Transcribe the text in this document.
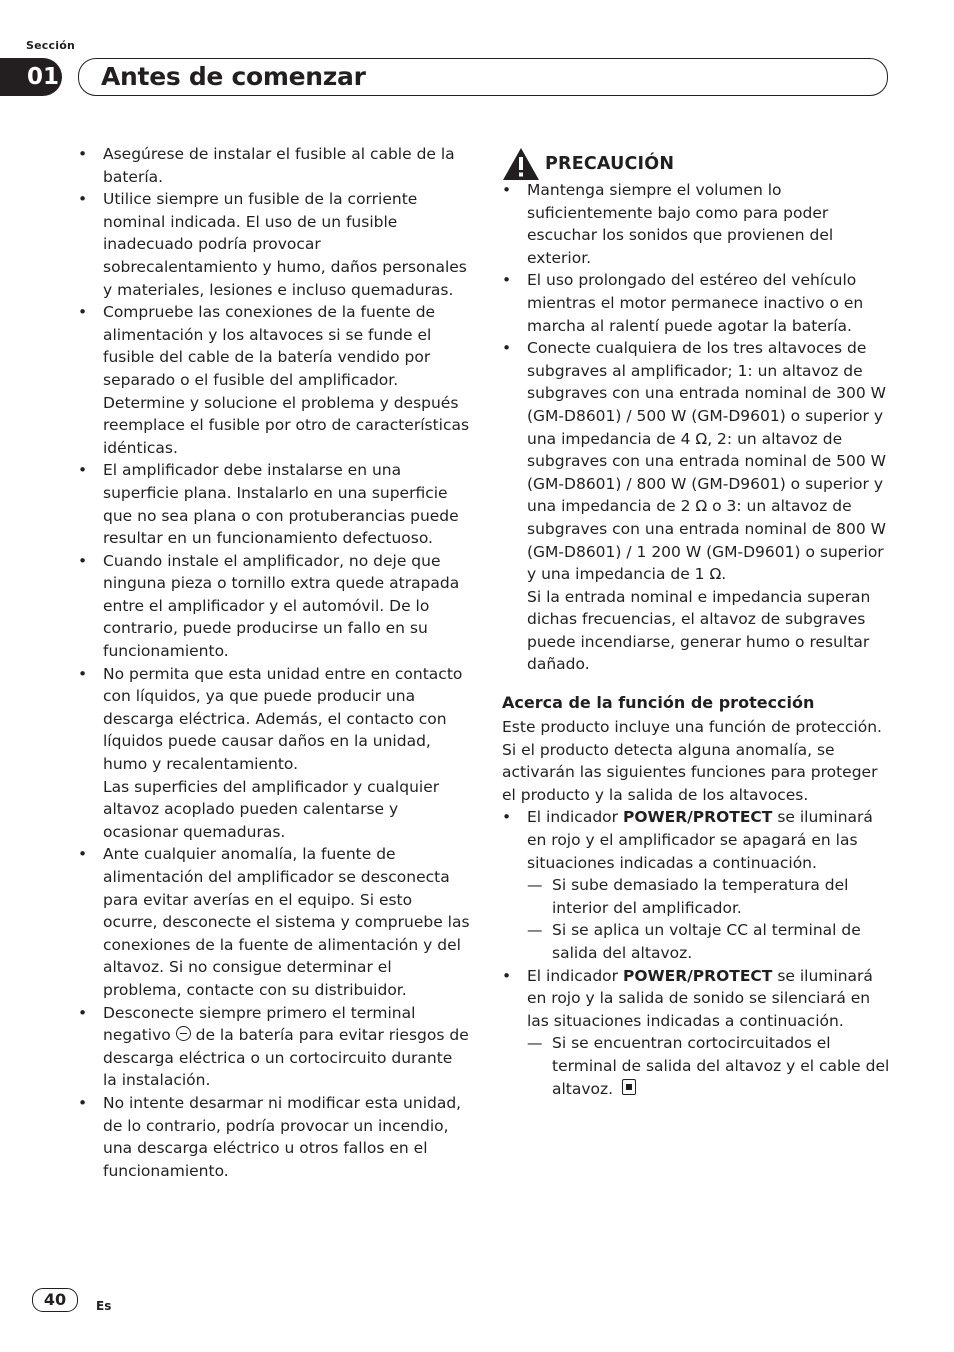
Sección
01 Antes de comenzar
• Asegúrese de instalar el fusible al cable de la batería.
• Utilice siempre un fusible de la corriente nominal indicada. El uso de un fusible inadecuado podría provocar sobrecalentamiento y humo, daños personales y materiales, lesiones e incluso quemaduras.
• Compruebe las conexiones de la fuente de alimentación y los altavoces si se funde el fusible del cable de la batería vendido por separado o el fusible del amplificador. Determine y solucione el problema y después reemplace el fusible por otro de características idénticas.
• El amplificador debe instalarse en una superficie plana. Instalarlo en una superficie que no sea plana o con protuberancias puede resultar en un funcionamiento defectuoso.
• Cuando instale el amplificador, no deje que ninguna pieza o tornillo extra quede atrapada entre el amplificador y el automóvil. De lo contrario, puede producirse un fallo en su funcionamiento.
• No permita que esta unidad entre en contacto con líquidos, ya que puede producir una descarga eléctrica. Además, el contacto con líquidos puede causar daños en la unidad, humo y recalentamiento.
Las superficies del amplificador y cualquier altavoz acoplado pueden calentarse y ocasionar quemaduras.
• Ante cualquier anomalía, la fuente de alimentación del amplificador se desconecta para evitar averías en el equipo. Si esto ocurre, desconecte el sistema y compruebe las conexiones de la fuente de alimentación y del altavoz. Si no consigue determinar el problema, contacte con su distribuidor.
• Desconecte siempre primero el terminal negativo de la batería para evitar riesgos de descarga eléctrica o un cortocircuito durante la instalación.
• No intente desarmar ni modificar esta unidad, de lo contrario, podría provocar un incendio, una descarga eléctrico u otros fallos en el funcionamiento.
PRECAUCIÓN
• Mantenga siempre el volumen lo suficientemente bajo como para poder escuchar los sonidos que provienen del exterior.
• El uso prolongado del estéreo del vehículo mientras el motor permanece inactivo o en marcha al ralentí puede agotar la batería.
• Conecte cualquiera de los tres altavoces de subgraves al amplificador; 1: un altavoz de subgraves con una entrada nominal de 300 W (GM-D8601) / 500 W (GM-D9601) o superior y una impedancia de 4 Ω, 2: un altavoz de subgraves con una entrada nominal de 500 W (GM-D8601) / 800 W (GM-D9601) o superior y una impedancia de 2 Ω o 3: un altavoz de subgraves con una entrada nominal de 800 W (GM-D8601) / 1 200 W (GM-D9601) o superior y una impedancia de 1 Ω.
Si la entrada nominal e impedancia superan dichas frecuencias, el altavoz de subgraves puede incendiarse, generar humo o resultar dañado.
Acerca de la función de protección

Este producto incluye una función de protección. Si el producto detecta alguna anomalía, se activarán las siguientes funciones para proteger el producto y la salida de los altavoces.

• El indicador POWER/PROTECT se iluminará en rojo y el amplificador se apagará en las situaciones indicadas a continuación.
— Si sube demasiado la temperatura del interior del amplificador.
— Si se aplica un voltaje CC al terminal de salida del altavoz.
• El indicador POWER/PROTECT se iluminará en rojo y la salida de sonido se silenciará en las situaciones indicadas a continuación.
— Si se encuentran cortocircuitados el terminal de salida del altavoz y el cable del altavoz.
40	Es
